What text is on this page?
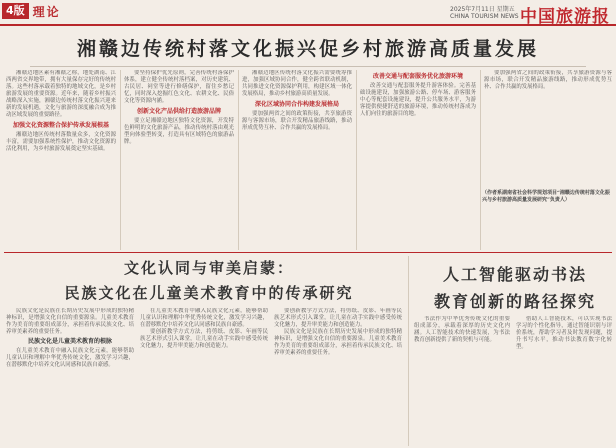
4版 理论	2025年7月11日 星期五
CHINA TOURISM NEWS 中国旅游报
湘赣边传统村落文化振兴促乡村旅游高质量发展

湘赣边地区素有湘赣之称，地处湖南、江西两省交界地带，拥有大量保存完好的传统村落。这些村落承载着独特的地域文化，是乡村旅游发展的重要资源。近年来，随着乡村振兴战略深入实施，湘赣边传统村落文化振兴迎来新的发展机遇，文化与旅游的深度融合成为推动区域发展的重要路径。

加强文化资源整合保护传承发展根基

湘赣边地区传统村落数量众多，文化资源丰富，需要加强系统性保护，推动文化资源的活化利用，为乡村旅游发展奠定坚实基础。

要坚持保护优先原则，完善传统村落保护体系，建立健全传统村落档案，对历史建筑、古民居、祠堂等进行修缮保护，留住乡愁记忆，同时深入挖掘红色文化、农耕文化、民俗文化等资源内涵。

创新文化产品供给打造旅游品牌

要立足湘赣边地区独特文化资源，开发特色鲜明的文化旅游产品，推动传统村落由观光型向体验型转变，打造具有区域特色的旅游品牌。

湘赣边地区传统村落文化振兴需要统筹推进，加强区域协同合作，健全跨省联动机制，共同推进文化资源保护利用，构建区域一体化发展格局，推动乡村旅游高质量发展。

深化区域协同合作构建发展格局

要加强两省之间的政策衔接，共享旅游资源与客源市场，联合开发精品旅游线路，推动形成优势互补、合作共赢的发展格局。

改善交通与配套服务优化旅游环境

改善交通与配套服务提升游客体验。完善基础设施建设，加强旅游公路、停车场、游客服务中心等配套设施建设，提升公共服务水平，为游客提供便捷舒适的旅游环境，推动传统村落成为人们向往的旅游目的地。

要加强两省之间的政策衔接，共享旅游资源与客源市场，联合开发精品旅游线路，推动形成优势互补、合作共赢的发展格局。

（作者系湖南省社会科学规划项目“湘赣边传统村落文化振兴与乡村旅游高质量发展研究”负责人）
文化认同与审美启蒙：
民族文化在儿童美术教育中的传承研究

民族文化是民族在长期历史发展中形成的独特精神标识，是增强文化自信的重要源泉。儿童美术教育作为美育的重要组成部分，承担着传承民族文化、培养审美素养的重要任务。

民族文化是儿童美术教育的根脉

在儿童美术教育中融入民族文化元素，能够帮助儿童认识和理解中华优秀传统文化，激发学习兴趣，在潜移默化中培养文化认同感和民族自豪感。

在儿童美术教育中融入民族文化元素，能够帮助儿童认识和理解中华优秀传统文化，激发学习兴趣，在潜移默化中培养文化认同感和民族自豪感。

要创新教学方式方法，将剪纸、皮影、年画等民族艺术形式引入课堂，让儿童在动手实践中感受传统文化魅力，提升审美能力和创造能力。

要创新教学方式方法，将剪纸、皮影、年画等民族艺术形式引入课堂，让儿童在动手实践中感受传统文化魅力，提升审美能力和创造能力。

民族文化是民族在长期历史发展中形成的独特精神标识，是增强文化自信的重要源泉。儿童美术教育作为美育的重要组成部分，承担着传承民族文化、培养审美素养的重要任务。

人工智能驱动书法
教育创新的路径探究

书法作为中华优秀传统文化的重要组成部分，承载着深厚的历史文化内涵。人工智能技术的快速发展，为书法教育创新提供了新的契机与可能。

借助人工智能技术，可以实现书法学习的个性化指导，通过智能识别与评价系统，帮助学习者及时发现问题，提升书写水平，推动书法教育数字化转型。
